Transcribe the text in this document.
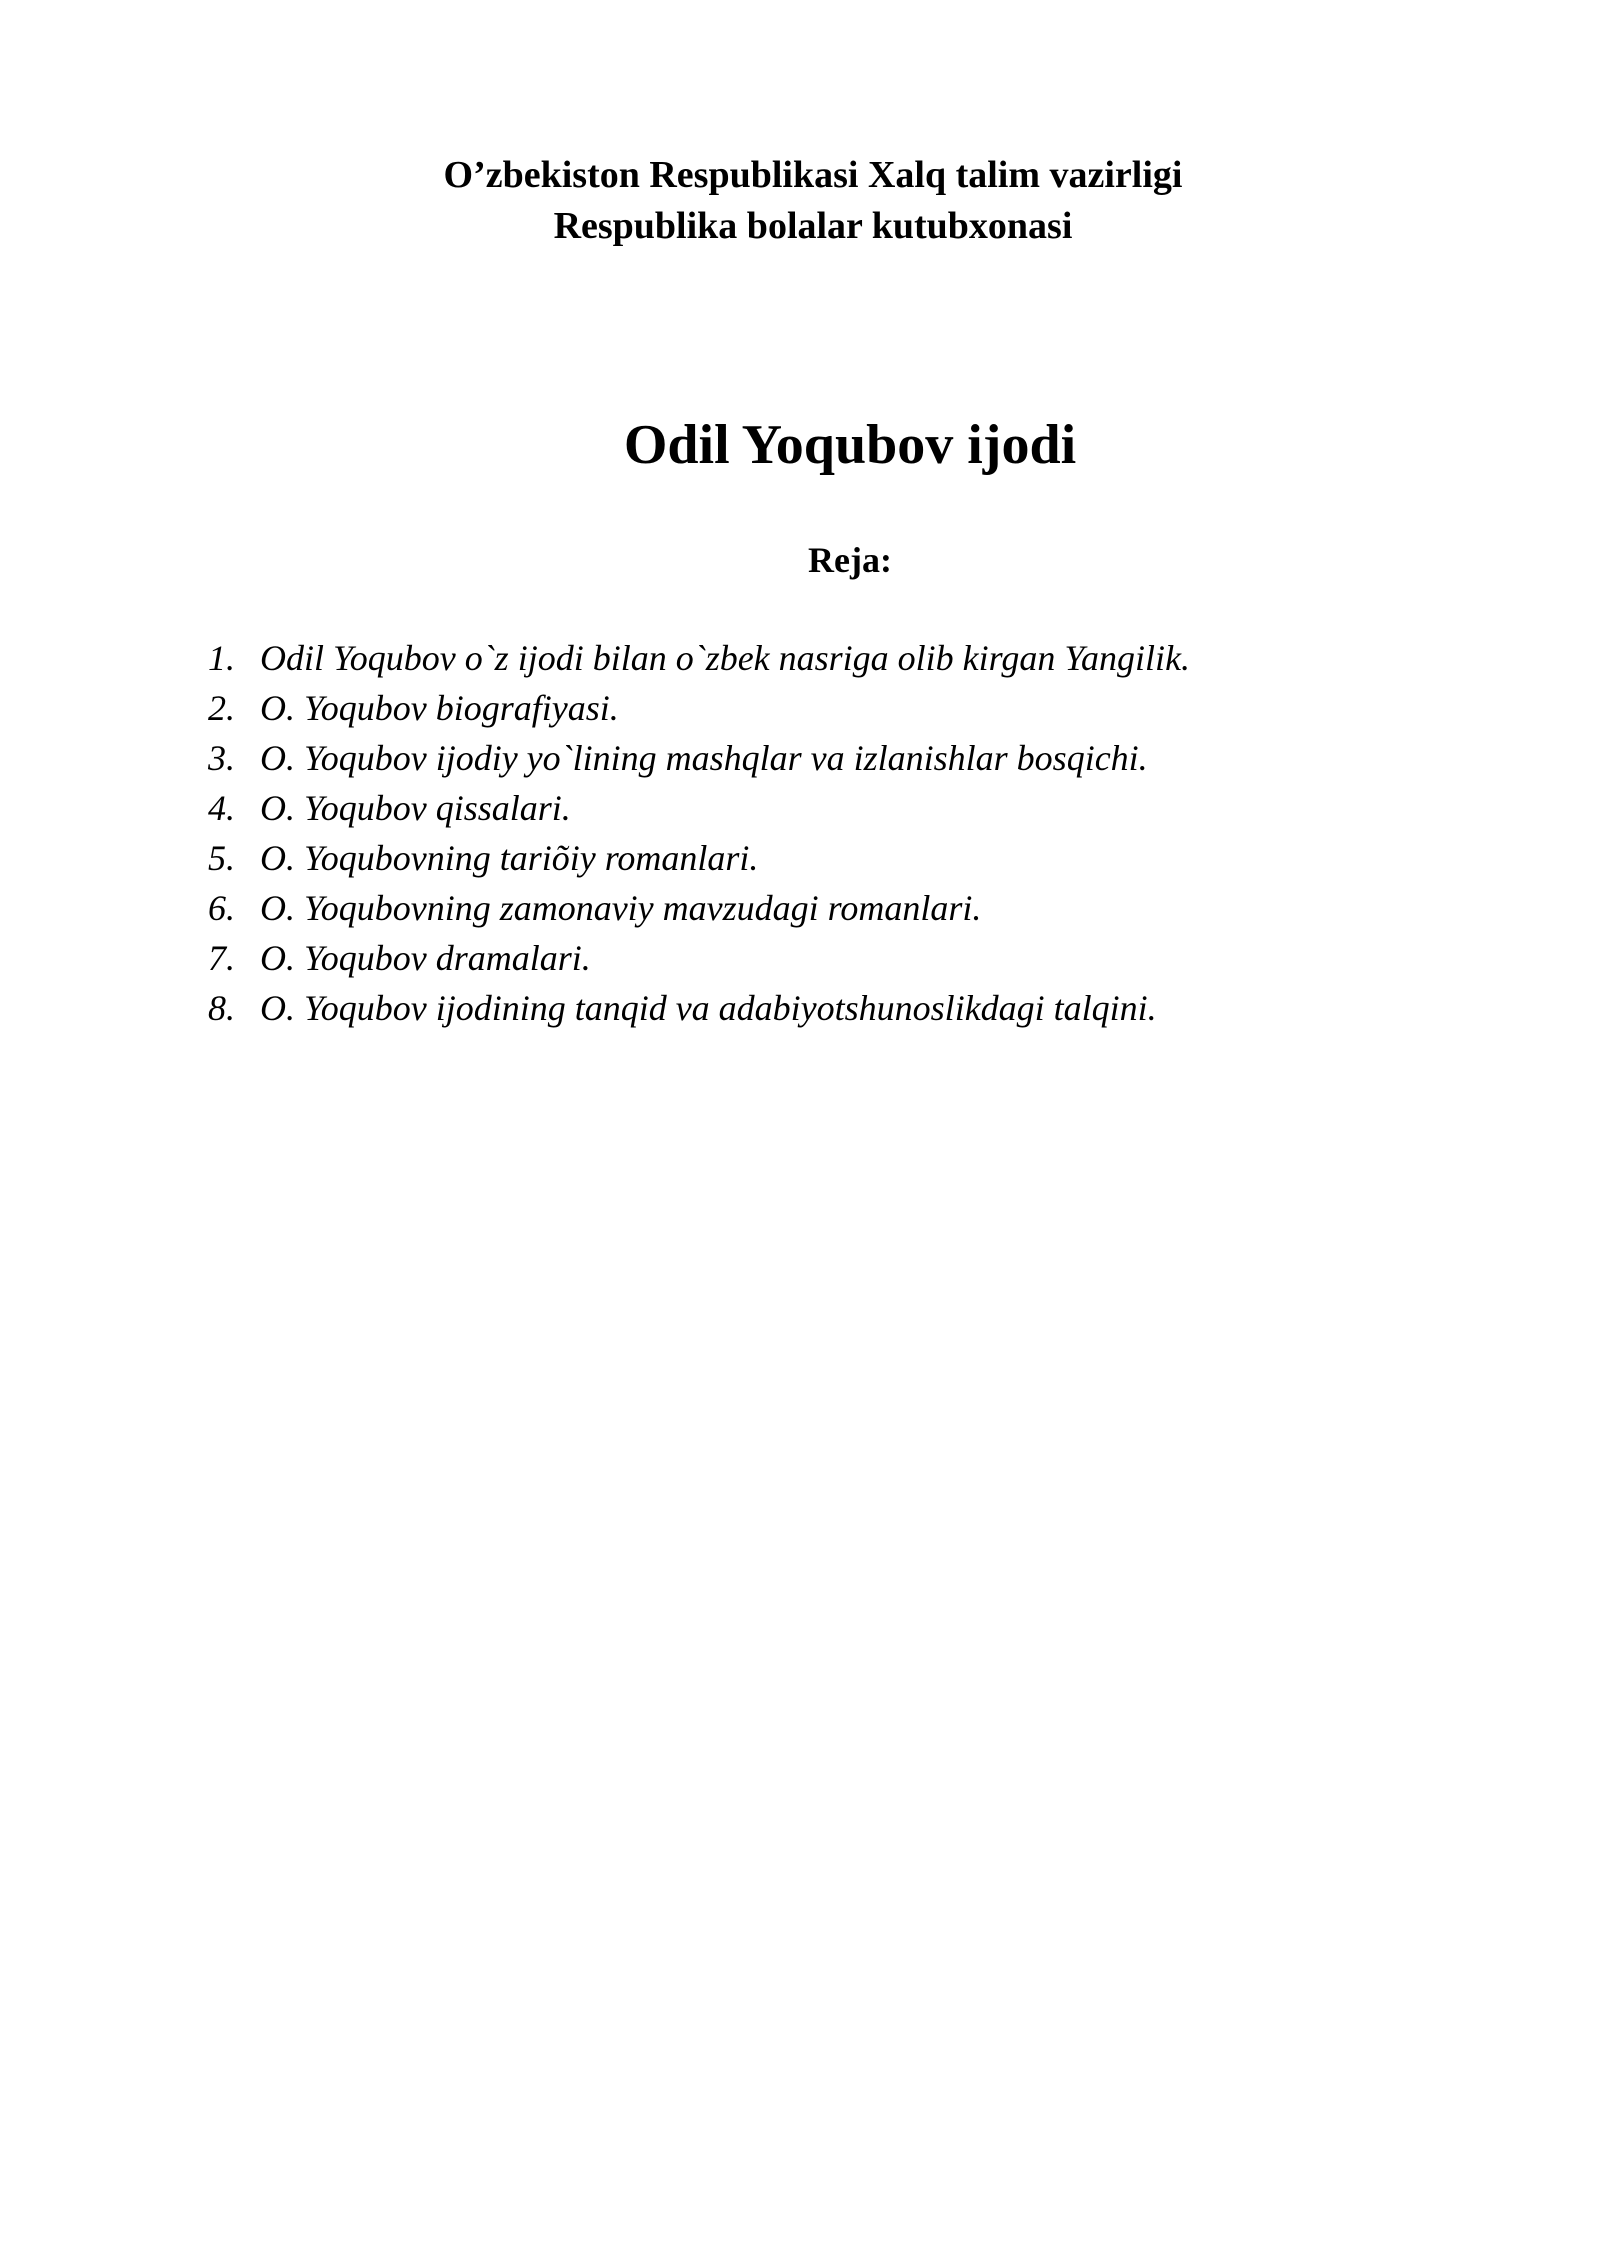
O’zbekiston Respublikasi Xalq talim vazirligi
Respublika bolalar kutubxonasi
Odil Yoqubov ijodi
Reja:
1. Odil Yoqubov o`z ijodi bilan o`zbek nasriga olib kirgan Yangilik.
2. O. Yoqubov biografiyasi.
3. O. Yoqubov ijodiy yo`lining mashqlar va izlanishlar bosqichi.
4. O. Yoqubov qissalari.
5. O. Yoqubovning tariõiy romanlari.
6. O. Yoqubovning zamonaviy mavzudagi romanlari.
7. O. Yoqubov dramalari.
8. O. Yoqubov ijodining tanqid va adabiyotshunoslikdagi talqini.
